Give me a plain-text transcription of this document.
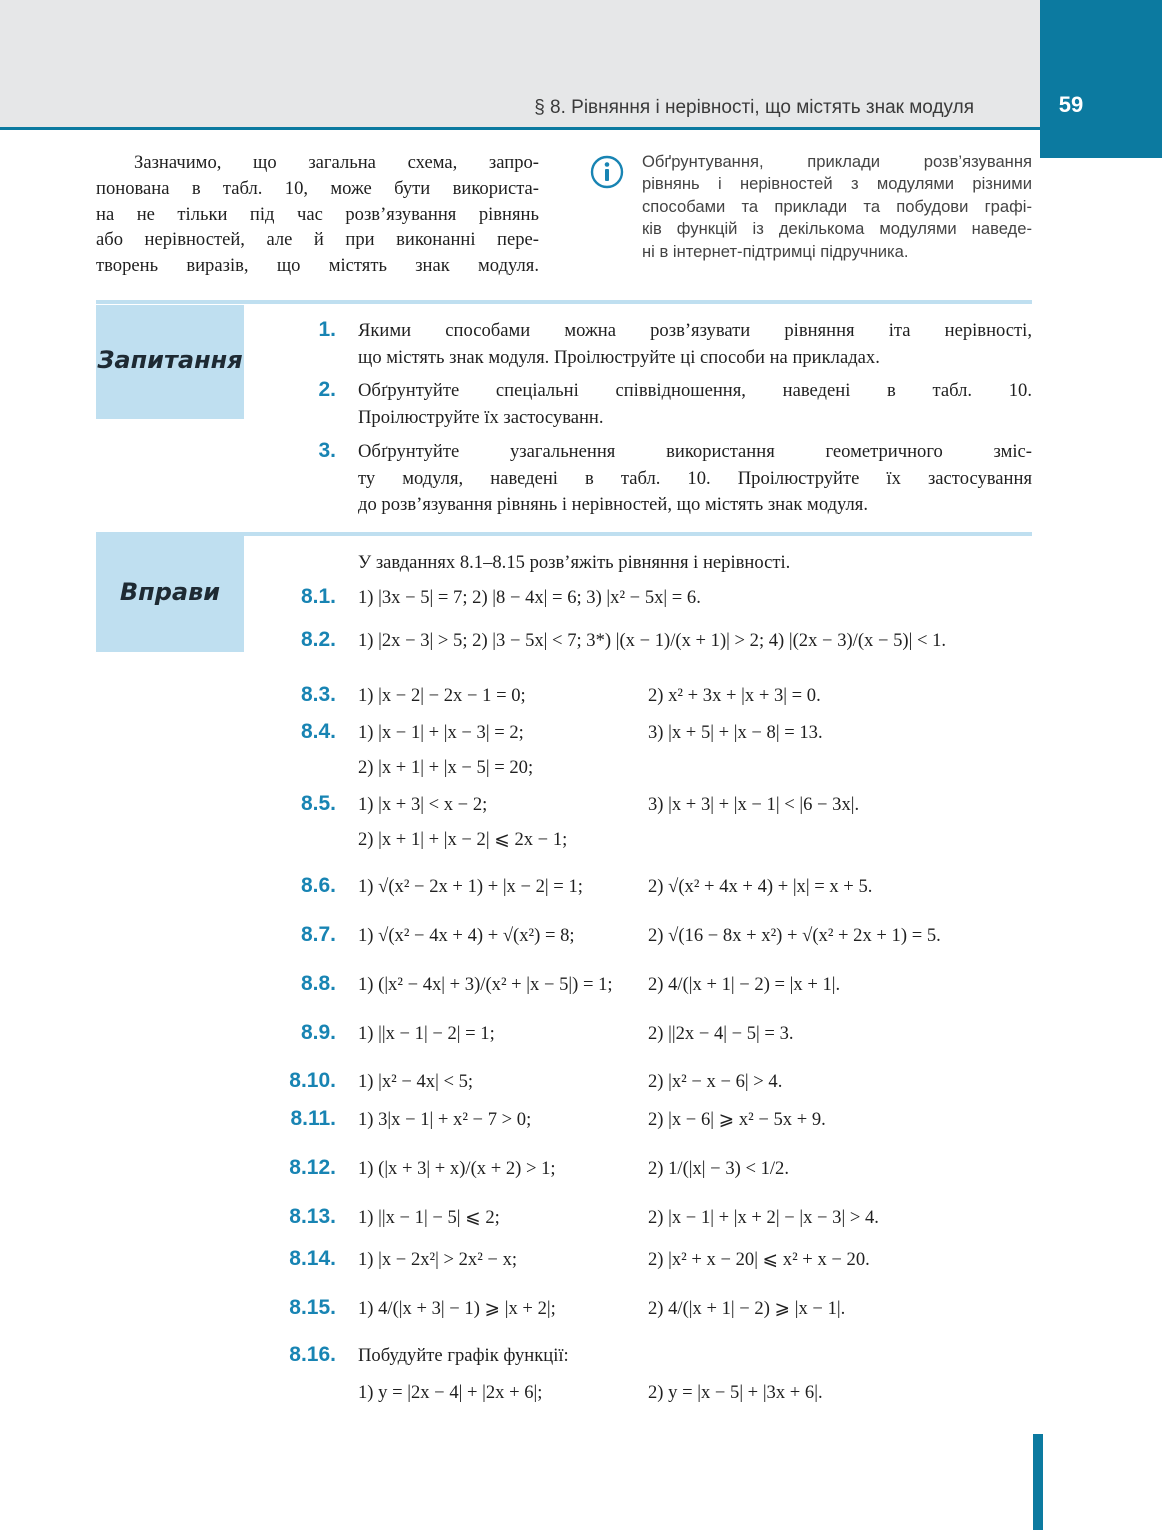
59
§ 8. Рівняння і нерівності, що містять знак модуля
Зазначимо, що загальна схема, запро-
понована в табл. 10, може бути використа-
на не тільки під час розв’язування рівнянь
або нерівностей, але й при виконанні пере-
творень виразів, що містять знак модуля.
Обґрунтування, приклади розв’язування
рівнянь і нерівностей з модулями різними
способами та приклади та побудови графі-
ків функцій із декількома модулями наведе-
ні в інтернет-підтримці підручника.
Запитання
1. Якими способами можна розв’язувати рівняння іта нерівності,
що містять знак модуля. Проілюструйте ці способи на прикладах.
2. Обґрунтуйте спеціальні співвідношення, наведені в табл. 10.
Проілюструйте їх застосуванн.
3. Обґрунтуйте узагальнення використання геометричного зміс-
ту модуля, наведені в табл. 10. Проілюструйте їх застосування
до розв’язування рівнянь і нерівностей, що містять знак модуля.
Вправи
У завданнях 8.1–8.15 розв’яжіть рівняння і нерівності.
8.1. 1) |3x − 5| = 7; 2) |8 − 4x| = 6; 3) |x² − 5x| = 6.
8.2. 1) |2x − 3| > 5; 2) |3 − 5x| < 7; 3*) |(x − 1)/(x + 1)| > 2; 4) |(2x − 3)/(x − 5)| < 1.
8.3. 1) |x − 2| − 2x − 1 = 0;	2) x² + 3x + |x + 3| = 0.
8.4. 1) |x − 1| + |x − 3| = 2;	3) |x + 5| + |x − 8| = 13.
2) |x + 1| + |x − 5| = 20;
8.5. 1) |x + 3| < x − 2;	3) |x + 3| + |x − 1| < |6 − 3x|.
2) |x + 1| + |x − 2| ⩽ 2x − 1;
8.6. 1) √(x² − 2x + 1) + |x − 2| = 1;	2) √(x² + 4x + 4) + |x| = x + 5.
8.7. 1) √(x² − 4x + 4) + √(x²) = 8;	2) √(16 − 8x + x²) + √(x² + 2x + 1) = 5.
8.8. 1) (|x² − 4x| + 3)/(x² + |x − 5|) = 1; 2) 4/(|x + 1| − 2) = |x + 1|.
8.9. 1) ||x − 1| − 2| = 1;	2) ||2x − 4| − 5| = 3.
8.10. 1) |x² − 4x| < 5;	2) |x² − x − 6| > 4.
8.11. 1) 3|x − 1| + x² − 7 > 0;	2) |x − 6| ⩾ x² − 5x + 9.
8.12. 1) (|x + 3| + x)/(x + 2) > 1;	2) 1/(|x| − 3) < 1/2.
8.13. 1) ||x − 1| − 5| ⩽ 2;	2) |x − 1| + |x + 2| − |x − 3| > 4.
8.14. 1) |x − 2x²| > 2x² − x;	2) |x² + x − 20| ⩽ x² + x − 20.
8.15. 1) 4/(|x + 3| − 1) ⩾ |x + 2|;	2) 4/(|x + 1| − 2) ⩾ |x − 1|.
8.16. Побудуйте графік функції:
1) y = |2x − 4| + |2x + 6|;	2) y = |x − 5| + |3x + 6|.
